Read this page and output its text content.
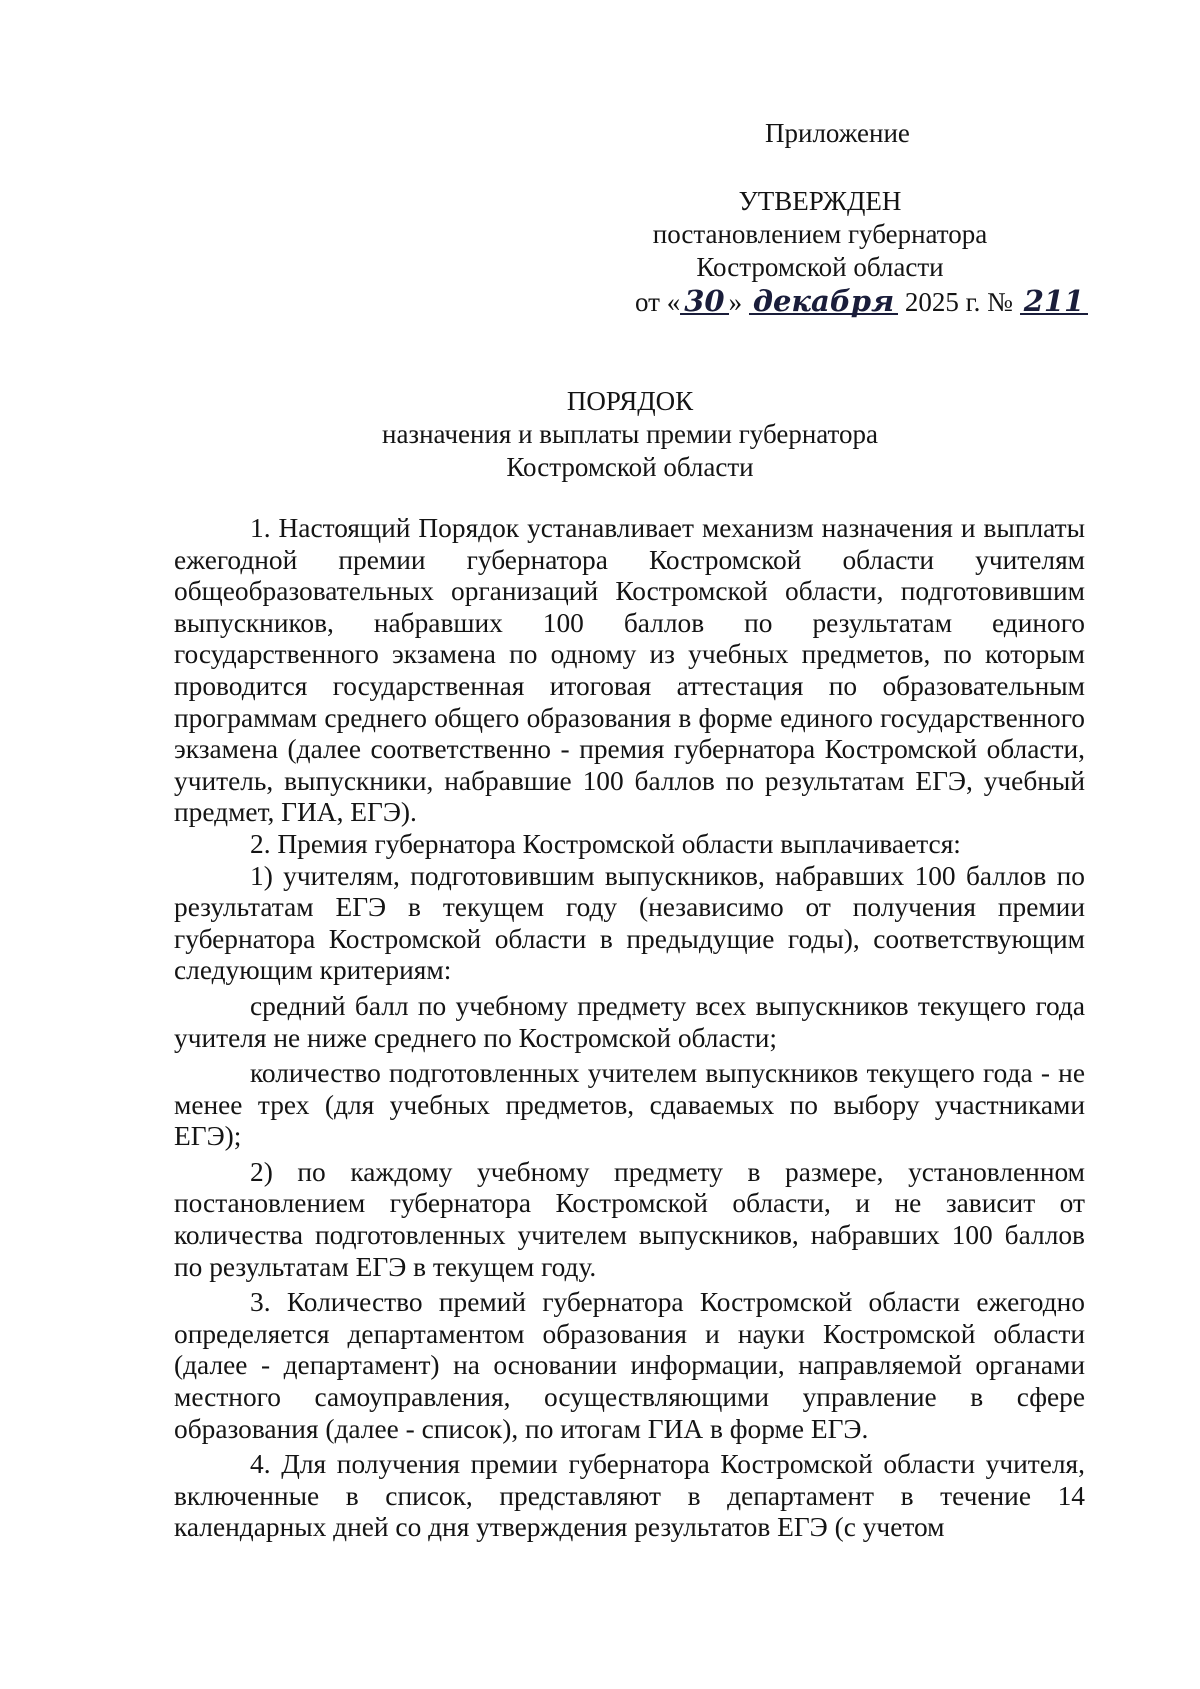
Приложение
УТВЕРЖДЕН
постановлением губернатора
Костромской области
от « 30 » декабря 2025 г. № 211
ПОРЯДОК
назначения и выплаты премии губернатора
Костромской области

1. Настоящий Порядок устанавливает механизм назначения и выплаты ежегодной премии губернатора Костромской области учителям общеобразовательных организаций Костромской области, подготовившим выпускников, набравших 100 баллов по результатам единого государственного экзамена по одному из учебных предметов, по которым проводится государственная итоговая аттестация по образовательным программам среднего общего образования в форме единого государственного экзамена (далее соответственно - премия губернатора Костромской области, учитель, выпускники, набравшие 100 баллов по результатам ЕГЭ, учебный предмет, ГИА, ЕГЭ).

2. Премия губернатора Костромской области выплачивается:

1) учителям, подготовившим выпускников, набравших 100 баллов по результатам ЕГЭ в текущем году (независимо от получения премии губернатора Костромской области в предыдущие годы), соответствующим следующим критериям:

средний балл по учебному предмету всех выпускников текущего года учителя не ниже среднего по Костромской области;

количество подготовленных учителем выпускников текущего года - не менее трех (для учебных предметов, сдаваемых по выбору участниками ЕГЭ);

2) по каждому учебному предмету в размере, установленном постановлением губернатора Костромской области, и не зависит от количества подготовленных учителем выпускников, набравших 100 баллов по результатам ЕГЭ в текущем году.

3. Количество премий губернатора Костромской области ежегодно определяется департаментом образования и науки Костромской области (далее - департамент) на основании информации, направляемой органами местного самоуправления, осуществляющими управление в сфере образования (далее - список), по итогам ГИА в форме ЕГЭ.

4. Для получения премии губернатора Костромской области учителя, включенные в список, представляют в департамент в течение 14 календарных дней со дня утверждения результатов ЕГЭ (с учетом
